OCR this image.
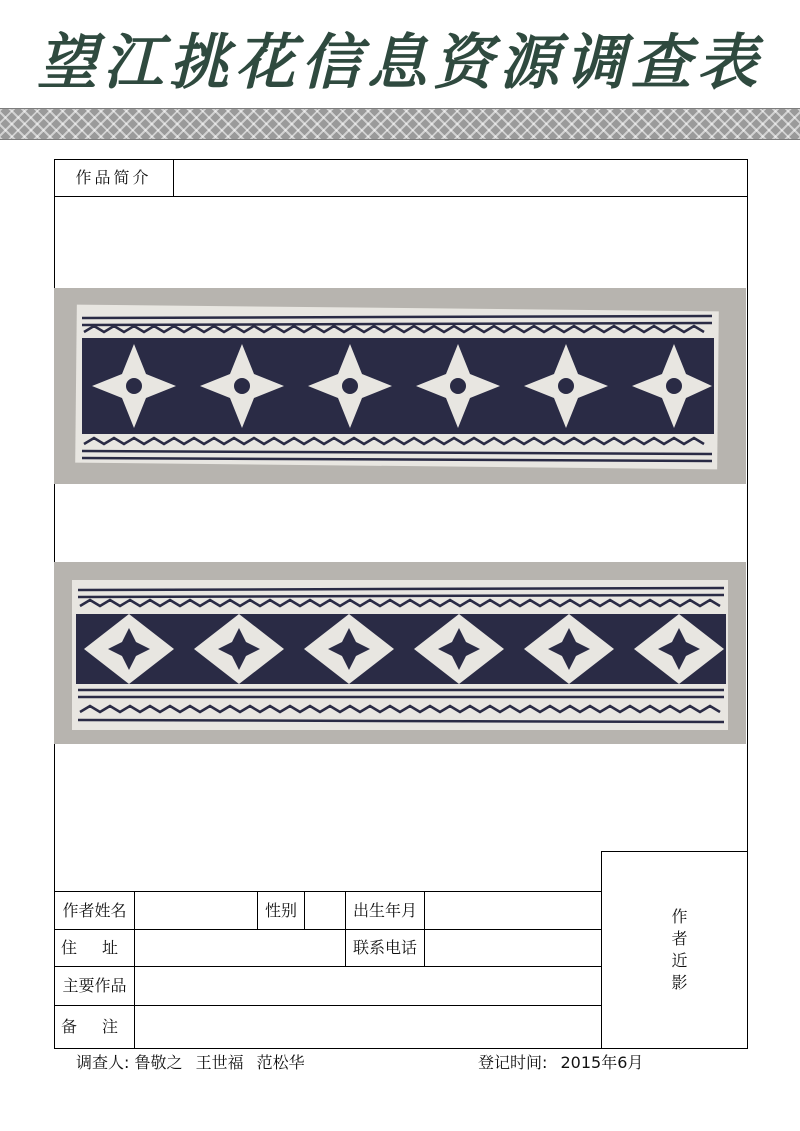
望江挑花信息资源调查表
作品简介
作者姓名	性别	出生年月
住 址	联系电话
主要作品
备 注
作者近影
调查人: 鲁敬之 王世福 范松华	登记时间: 2015年6月
